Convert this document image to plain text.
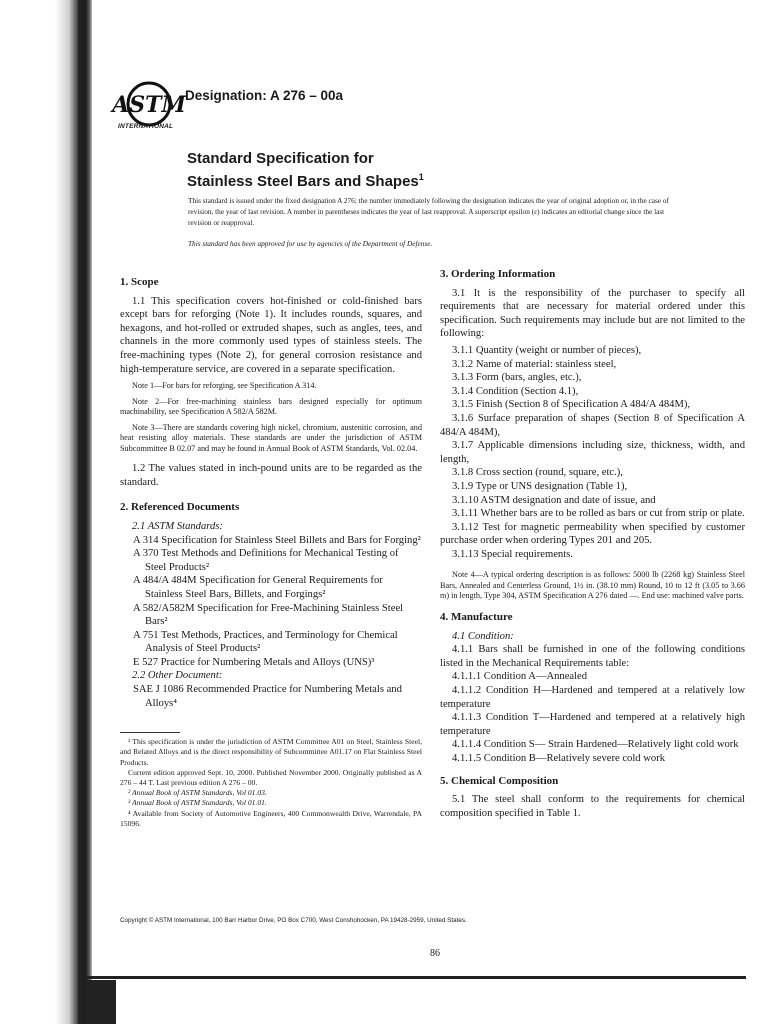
ASTM
INTERNATIONAL
Designation: A 276 – 00a
Standard Specification for
Stainless Steel Bars and Shapes$^1$
This standard is issued under the fixed designation A 276; the number immediately following the designation indicates the year of original adoption or, in the case of revision, the year of last revision. A number in parentheses indicates the year of last reapproval. A superscript epsilon (ε) indicates an editorial change since the last revision or reapproval.
This standard has been approved for use by agencies of the Department of Defense.
1. Scope
1.1 This specification covers hot-finished or cold-finished bars except bars for reforging (Note 1). It includes rounds, squares, and hexagons, and hot-rolled or extruded shapes, such as angles, tees, and channels in the more commonly used types of stainless steels. The free-machining types (Note 2), for general corrosion resistance and high-temperature service, are covered in a separate specification.
Note 1—For bars for reforging, see Specification A 314.
Note 2—For free-machining stainless bars designed especially for optimum machinability, see Specification A 582/A 582M.
Note 3—There are standards covering high nickel, chromium, austenitic corrosion, and heat resisting alloy materials. These standards are under the jurisdiction of ASTM Subcommittee B 02.07 and may be found in Annual Book of ASTM Standards, Vol. 02.04.
1.2 The values stated in inch-pound units are to be regarded as the standard.
2. Referenced Documents
2.1 ASTM Standards:
A 314 Specification for Stainless Steel Billets and Bars for Forging²
A 370 Test Methods and Definitions for Mechanical Testing of Steel Products²
A 484/A 484M Specification for General Requirements for Stainless Steel Bars, Billets, and Forgings²
A 582/A582M Specification for Free-Machining Stainless Steel Bars²
A 751 Test Methods, Practices, and Terminology for Chemical Analysis of Steel Products²
E 527 Practice for Numbering Metals and Alloys (UNS)³
2.2 Other Document:
SAE J 1086 Recommended Practice for Numbering Metals and Alloys⁴
¹ This specification is under the jurisdiction of ASTM Committee A01 on Steel, Stainless Steel, and Related Alloys and is the direct responsibility of Subcommittee A01.17 on Flat Stainless Steel Products.
Current edition approved Sept. 10, 2000. Published November 2000. Originally published as A 276 – 44 T. Last previous edition A 276 – 00.
² Annual Book of ASTM Standards, Vol 01.03.
³ Annual Book of ASTM Standards, Vol 01.01.
⁴ Available from Society of Automotive Engineers, 400 Commonwealth Drive, Warrendale, PA 15096.
3. Ordering Information
3.1 It is the responsibility of the purchaser to specify all requirements that are necessary for material ordered under this specification. Such requirements may include but are not limited to the following:
3.1.1 Quantity (weight or number of pieces),
3.1.2 Name of material: stainless steel,
3.1.3 Form (bars, angles, etc.),
3.1.4 Condition (Section 4.1),
3.1.5 Finish (Section 8 of Specification A 484/A 484M),
3.1.6 Surface preparation of shapes (Section 8 of Specification A 484/A 484M),
3.1.7 Applicable dimensions including size, thickness, width, and length,
3.1.8 Cross section (round, square, etc.),
3.1.9 Type or UNS designation (Table 1),
3.1.10 ASTM designation and date of issue, and
3.1.11 Whether bars are to be rolled as bars or cut from strip or plate.
3.1.12 Test for magnetic permeability when specified by customer purchase order when ordering Types 201 and 205.
3.1.13 Special requirements.
Note 4—A typical ordering description is as follows: 5000 lb (2268 kg) Stainless Steel Bars, Annealed and Centerless Ground, 1½ in. (38.10 mm) Round, 10 to 12 ft (3.05 to 3.66 m) in length, Type 304, ASTM Specification A 276 dated —. End use: machined valve parts.
4. Manufacture
4.1 Condition:
4.1.1 Bars shall be furnished in one of the following conditions listed in the Mechanical Requirements table:
4.1.1.1 Condition A—Annealed
4.1.1.2 Condition H—Hardened and tempered at a relatively low temperature
4.1.1.3 Condition T—Hardened and tempered at a relatively high temperature
4.1.1.4 Condition S— Strain Hardened—Relatively light cold work
4.1.1.5 Condition B—Relatively severe cold work
5. Chemical Composition
5.1 The steel shall conform to the requirements for chemical composition specified in Table 1.
Copyright © ASTM International, 100 Barr Harbor Drive, PO Box C700, West Conshohocken, PA 19428-2959, United States.
86
